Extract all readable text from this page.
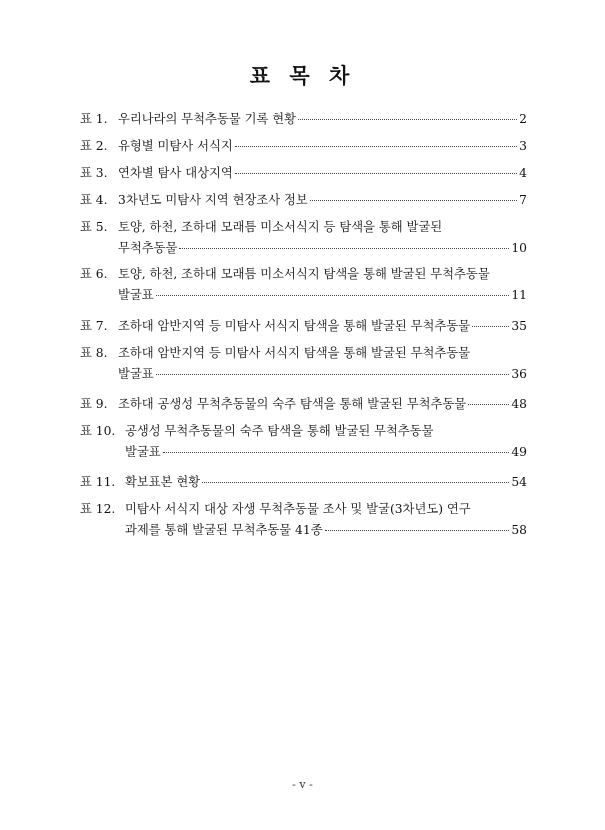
표 목 차
표 1. 우리나라의 무척추동물 기록 현황	2
표 2. 유형별 미탐사 서식지	3
표 3. 연차별 탐사 대상지역	4
표 4. 3차년도 미탐사 지역 현장조사 정보	7
표 5. 토양, 하천, 조하대 모래틈 미소서식지 등 탐색을 통해 발굴된
무척추동물	10
표 6. 토양, 하천, 조하대 모래틈 미소서식지 탐색을 통해 발굴된 무척추동물
발굴표	11
표 7. 조하대 암반지역 등 미탐사 서식지 탐색을 통해 발굴된 무척추동물	35
표 8. 조하대 암반지역 등 미탐사 서식지 탐색을 통해 발굴된 무척추동물
발굴표	36
표 9. 조하대 공생성 무척추동물의 숙주 탐색을 통해 발굴된 무척추동물	48
표 10. 공생성 무척추동물의 숙주 탐색을 통해 발굴된 무척추동물
발굴표	49
표 11. 확보표본 현황	54
표 12. 미탐사 서식지 대상 자생 무척추동물 조사 및 발굴(3차년도) 연구
과제를 통해 발굴된 무척추동물 41종	58
- v -
